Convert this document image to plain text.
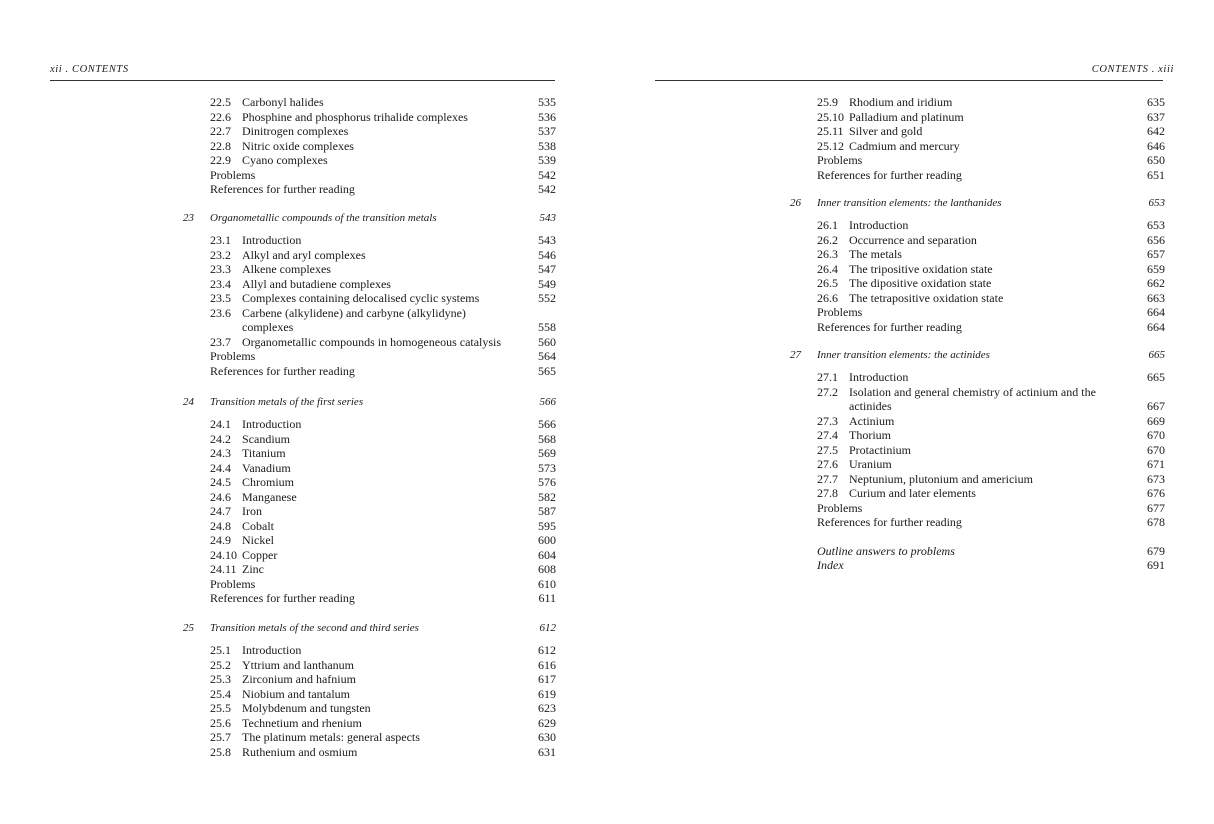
xii . CONTENTS
22.5 Carbonyl halides	535
22.6 Phosphine and phosphorus trihalide complexes	536
22.7 Dinitrogen complexes	537
22.8 Nitric oxide complexes	538
22.9 Cyano complexes	539
Problems	542
References for further reading	542
23 Organometallic compounds of the transition metals	543
23.1 Introduction	543
23.2 Alkyl and aryl complexes	546
23.3 Alkene complexes	547
23.4 Allyl and butadiene complexes	549
23.5 Complexes containing delocalised cyclic systems	552
23.6 Carbene (alkylidene) and carbyne (alkylidyne)
complexes	558
23.7 Organometallic compounds in homogeneous catalysis	560
Problems	564
References for further reading	565
24 Transition metals of the first series	566
24.1 Introduction	566
24.2 Scandium	568
24.3 Titanium	569
24.4 Vanadium	573
24.5 Chromium	576
24.6 Manganese	582
24.7 Iron	587
24.8 Cobalt	595
24.9 Nickel	600
24.10 Copper	604
24.11 Zinc	608
Problems	610
References for further reading	611
25 Transition metals of the second and third series	612
25.1 Introduction	612
25.2 Yttrium and lanthanum	616
25.3 Zirconium and hafnium	617
25.4 Niobium and tantalum	619
25.5 Molybdenum and tungsten	623
25.6 Technetium and rhenium	629
25.7 The platinum metals: general aspects	630
25.8 Ruthenium and osmium	631
CONTENTS . xiii
25.9 Rhodium and iridium	635
25.10 Palladium and platinum	637
25.11 Silver and gold	642
25.12 Cadmium and mercury	646
Problems	650
References for further reading	651
26 Inner transition elements: the lanthanides	653
26.1 Introduction	653
26.2 Occurrence and separation	656
26.3 The metals	657
26.4 The tripositive oxidation state	659
26.5 The dipositive oxidation state	662
26.6 The tetrapositive oxidation state	663
Problems	664
References for further reading	664
27 Inner transition elements: the actinides	665
27.1 Introduction	665
27.2 Isolation and general chemistry of actinium and the
actinides	667
27.3 Actinium	669
27.4 Thorium	670
27.5 Protactinium	670
27.6 Uranium	671
27.7 Neptunium, plutonium and americium	673
27.8 Curium and later elements	676
Problems	677
References for further reading	678
Outline answers to problems	679
Index	691
